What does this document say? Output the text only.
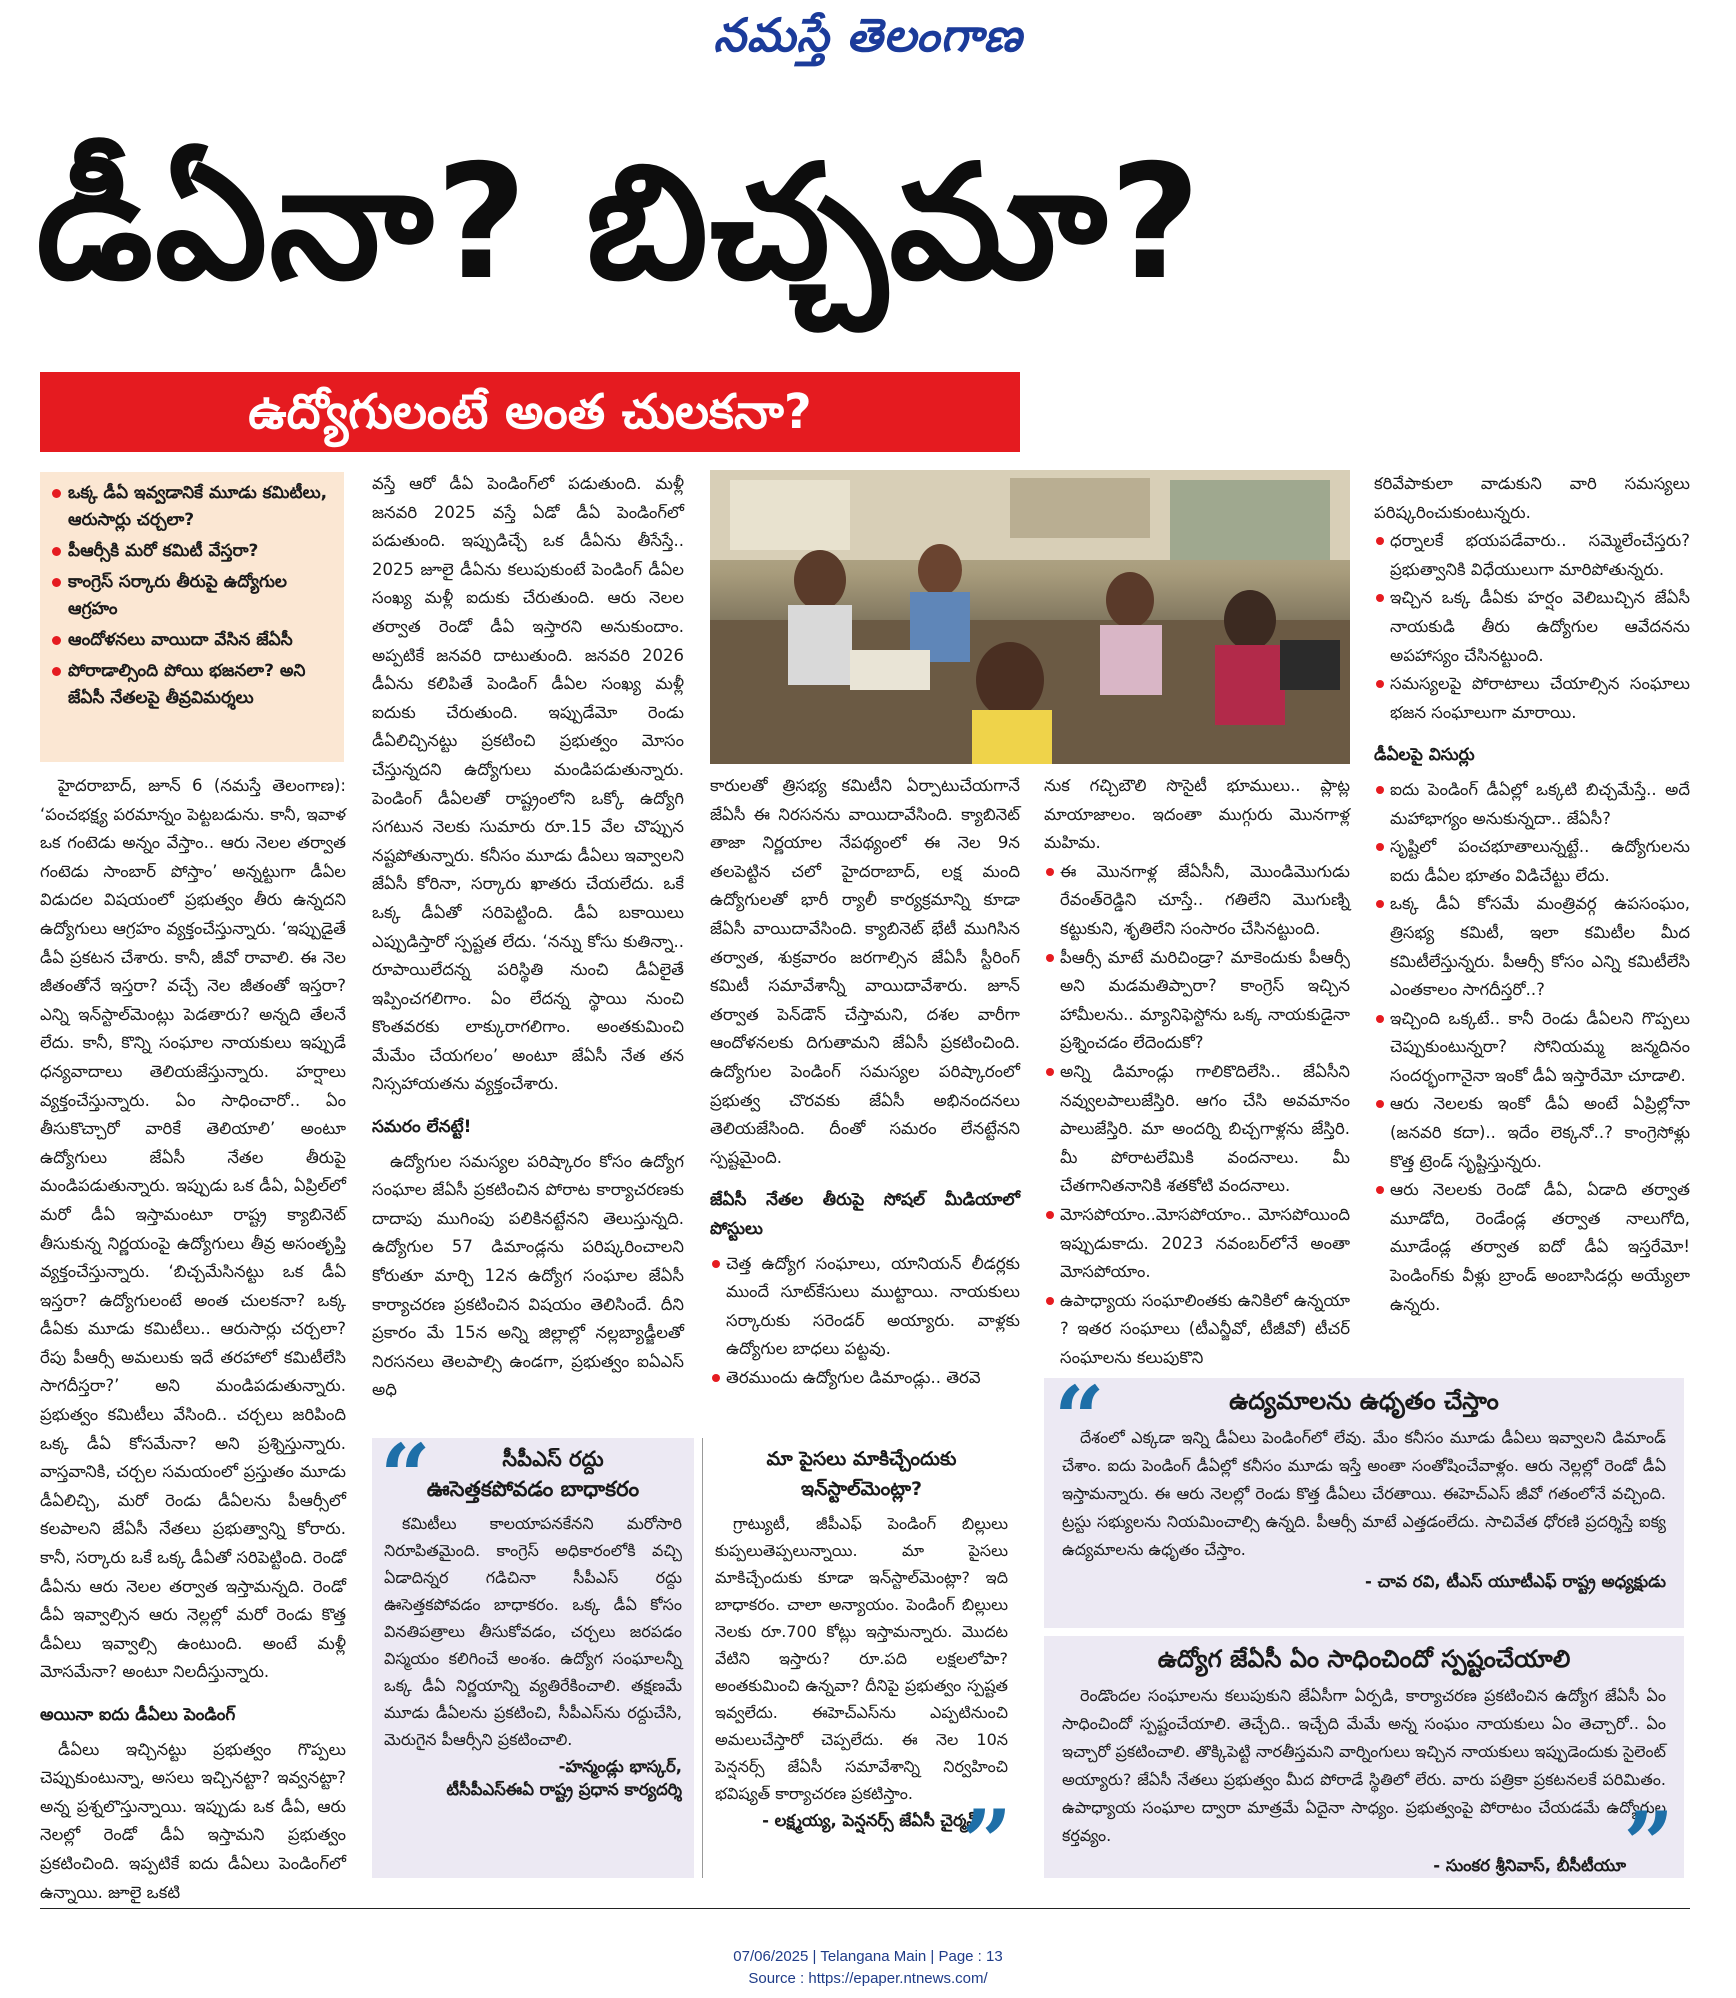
నమస్తే తెలంగాణ
డీఏనా? బిచ్చమా?
ఉద్యోగులంటే అంత చులకనా?
ఒక్క డీఏ ఇవ్వడానికే మూడు కమిటీలు, ఆరుసార్లు చర్చలా?
పీఆర్సీకి మరో కమిటీ వేస్తరా?
కాంగ్రెస్‌ సర్కారు తీరుపై ఉద్యోగుల ఆగ్రహం
ఆందోళనలు వాయిదా వేసిన జేఏసీ
పోరాడాల్సింది పోయి భజనలా? అని జేఏసీ నేతలపై తీవ్రవిమర్శలు

హైదరాబాద్‌, జూన్‌ 6 (నమస్తే తెలంగాణ): ‘పంచభక్ష్య పరమాన్నం పెట్టబడును. కానీ, ఇవాళ ఒక గంటెడు అన్నం వేస్తాం.. ఆరు నెలల తర్వాత గంటెడు సాంబార్‌ పోస్తాం’ అన్నట్టుగా డీఏల విడుదల విషయంలో ప్రభుత్వం తీరు ఉన్నదని ఉద్యోగులు ఆగ్రహం వ్యక్తంచేస్తున్నారు. ‘ఇప్పుడైతే డీఏ ప్రకటన చేశారు. కానీ, జీవో రావాలి. ఈ నెల జీతంతోనే ఇస్తరా? వచ్చే నెల జీతంతో ఇస్తరా? ఎన్ని ఇన్‌స్టాల్‌మెంట్లు పెడతారు? అన్నది తేలనే లేదు. కానీ, కొన్ని సంఘాల నాయకులు ఇప్పుడే ధన్యవాదాలు తెలియజేస్తున్నారు. హర్షాలు వ్యక్తంచేస్తున్నారు. ఏం సాధించారో.. ఏం తీసుకొచ్చారో వారికే తెలియాలి’ అంటూ ఉద్యోగులు జేఏసీ నేతల తీరుపై మండిపడుతున్నారు. ఇప్పుడు ఒక డీఏ, ఏప్రిల్‌లో మరో డీఏ ఇస్తామంటూ రాష్ట్ర క్యాబినెట్‌ తీసుకున్న నిర్ణయంపై ఉద్యోగులు తీవ్ర అసంతృప్తి వ్యక్తంచేస్తున్నారు. ‘బిచ్చమేసినట్టు ఒక డీఏ ఇస్తరా? ఉద్యోగులంటే అంత చులకనా? ఒక్క డీఏకు మూడు కమిటీలు.. ఆరుసార్లు చర్చలా? రేపు పీఆర్సీ అమలుకు ఇదే తరహాలో కమిటీలేసి సాగదీస్తరా?’ అని మండిపడుతున్నారు. ప్రభుత్వం కమిటీలు వేసింది.. చర్చలు జరిపింది ఒక్క డీఏ కోసమేనా? అని ప్రశ్నిస్తున్నారు. వాస్తవానికి, చర్చల సమయంలో ప్రస్తుతం మూడు డీఏలిచ్చి, మరో రెండు డీఏలను పీఆర్సీలో కలపాలని జేఏసీ నేతలు ప్రభుత్వాన్ని కోరారు. కానీ, సర్కారు ఒకే ఒక్క డీఏతో సరిపెట్టింది. రెండో డీఏను ఆరు నెలల తర్వాత ఇస్తామన్నది. రెండో డీఏ ఇవ్వాల్సిన ఆరు నెల్లల్లో మరో రెండు కొత్త డీఏలు ఇవ్వాల్సి ఉంటుంది. అంటే మళ్లీ మోసమేనా? అంటూ నిలదీస్తున్నారు.

అయినా ఐదు డీఏలు పెండింగ్‌

డీఏలు ఇచ్చినట్టు ప్రభుత్వం గొప్పలు చెప్పుకుంటున్నా, అసలు ఇచ్చినట్టా? ఇవ్వనట్టా? అన్న ప్రశ్నలొస్తున్నాయి. ఇప్పుడు ఒక డీఏ, ఆరు నెలల్లో రెండో డీఏ ఇస్తామని ప్రభుత్వం ప్రకటించింది. ఇప్పటికే ఐదు డీఏలు పెండింగ్‌లో ఉన్నాయి. జూలై ఒకటి

వస్తే ఆరో డీఏ పెండింగ్‌లో పడుతుంది. మళ్లీ జనవరి 2025 వస్తే ఏడో డీఏ పెండింగ్‌లో పడుతుంది. ఇప్పుడిచ్చే ఒక డీఏను తీసేస్తే.. 2025 జూలై డీఏను కలుపుకుంటే పెండింగ్‌ డీఏల సంఖ్య మళ్లీ ఐదుకు చేరుతుంది. ఆరు నెలల తర్వాత రెండో డీఏ ఇస్తారని అనుకుందాం. అప్పటికే జనవరి దాటుతుంది. జనవరి 2026 డీఏను కలిపితే పెండింగ్‌ డీఏల సంఖ్య మళ్లీ ఐదుకు చేరుతుంది. ఇప్పుడేమో రెండు డీఏలిచ్చినట్టు ప్రకటించి ప్రభుత్వం మోసం చేస్తున్నదని ఉద్యోగులు మండిపడుతున్నారు. పెండింగ్‌ డీఏలతో రాష్ట్రంలోని ఒక్కో ఉద్యోగి సగటున నెలకు సుమారు రూ.15 వేల చొప్పున నష్టపోతున్నారు. కనీసం మూడు డీఏలు ఇవ్వాలని జేఏసీ కోరినా, సర్కారు ఖాతరు చేయలేదు. ఒకే ఒక్క డీఏతో సరిపెట్టింది. డీఏ బకాయిలు ఎప్పుడిస్తారో స్పష్టత లేదు. ‘నన్ను కోసు కుతిన్నా.. రూపాయిలేదన్న పరిస్థితి నుంచి డీఏలైతే ఇప్పించగలిగాం. ఏం లేదన్న స్థాయి నుంచి కొంతవరకు లాక్కురాగలిగాం. అంతకుమించి మేమేం చేయగలం’ అంటూ జేఏసీ నేత తన నిస్సహాయతను వ్యక్తంచేశారు.

సమరం లేనట్టే!

ఉద్యోగుల సమస్యల పరిష్కారం కోసం ఉద్యోగ సంఘాల జేఏసీ ప్రకటించిన పోరాట కార్యాచరణకు దాదాపు ముగింపు పలికినట్టేనని తెలుస్తున్నది. ఉద్యోగుల 57 డిమాండ్లను పరిష్కరించాలని కోరుతూ మార్చి 12న ఉద్యోగ సంఘాల జేఏసీ కార్యాచరణ ప్రకటించిన విషయం తెలిసిందే. దీని ప్రకారం మే 15న అన్ని జిల్లాల్లో నల్లబ్యాడ్జీలతో నిరసనలు తెలపాల్సి ఉండగా, ప్రభుత్వం ఐఏఎస్‌ అధి

కారులతో త్రిసభ్య కమిటీని ఏర్పాటుచేయగానే జేఏసీ ఈ నిరసనను వాయిదావేసింది. క్యాబినెట్‌ తాజా నిర్ణయాల నేపథ్యంలో ఈ నెల 9న తలపెట్టిన చలో హైదరాబాద్‌, లక్ష మంది ఉద్యోగులతో భారీ ర్యాలీ కార్యక్రమాన్ని కూడా జేఏసీ వాయిదావేసింది. క్యాబినెట్‌ భేటీ ముగిసిన తర్వాత, శుక్రవారం జరగాల్సిన జేఏసీ స్టీరింగ్‌ కమిటీ సమావేశాన్నీ వాయిదావేశారు. జూన్‌ తర్వాత పెన్‌డౌన్‌ చేస్తామని, దశల వారీగా ఆందోళనలకు దిగుతామని జేఏసీ ప్రకటించింది. ఉద్యోగుల పెండింగ్‌ సమస్యల పరిష్కారంలో ప్రభుత్వ చొరవకు జేఏసీ అభినందనలు తెలియజేసింది. దీంతో సమరం లేనట్టేనని స్పష్టమైంది.

జేఏసీ నేతల తీరుపై సోషల్‌ మీడియాలో పోస్టులు

చెత్త ఉద్యోగ సంఘాలు, యానియన్‌ లీడర్లకు ముందే సూట్‌కేసులు ముట్టాయి. నాయకులు సర్కారుకు సరెండర్‌ అయ్యారు. వాళ్లకు ఉద్యోగుల బాధలు పట్టవు.

తెరముందు ఉద్యోగుల డిమాండ్లు.. తెరవె

నుక గచ్చిబౌలి సొసైటీ భూములు.. ప్లాట్ల మాయాజాలం. ఇదంతా ముగ్గురు మొనగాళ్ల మహిమ.

ఈ మొనగాళ్ల జేఏసీనీ, మొండిమొగుడు రేవంత్‌రెడ్డిని చూస్తే.. గతిలేని మొగుణ్ని కట్టుకుని, శృతిలేని సంసారం చేసినట్టుంది.

పీఆర్సీ మాటే మరిచిండ్రా? మాకెందుకు పీఆర్సీ అని మడమతిప్పారా? కాంగ్రెస్‌ ఇచ్చిన హామీలను.. మ్యానిఫెస్టోను ఒక్క నాయకుడైనా ప్రశ్నించడం లేదెందుకో?

అన్ని డిమాండ్లు గాలికొదిలేసి.. జేఏసీని నవ్వులపాలుజేస్తిరి. ఆగం చేసి అవమానం పాలుజేస్తిరి. మా అందర్ని బిచ్చగాళ్లను జేస్తిరి. మీ పోరాటలేమికి వందనాలు. మీ చేతగానితనానికి శతకోటి వందనాలు.

మోసపోయాం..మోసపోయాం.. మోసపోయింది ఇప్పుడుకాదు. 2023 నవంబర్‌లోనే అంతా మోసపోయాం.

ఉపాధ్యాయ సంఘాలింతకు ఉనికిలో ఉన్నయా ? ఇతర సంఘాలు (టీఎన్జీవో, టీజీవో) టీచర్‌ సంఘాలను కలుపుకొని

కరివేపాకులా వాడుకుని వారి సమస్యలు పరిష్కరించుకుంటున్నరు.

ధర్నాలకే భయపడేవారు.. సమ్మెలేంచేస్తరు? ప్రభుత్వానికి విధేయులుగా మారిపోతున్నరు.

ఇచ్చిన ఒక్క డీఏకు హర్షం వెలిబుచ్చిన జేఏసీ నాయకుడి తీరు ఉద్యోగుల ఆవేదనను అపహాస్యం చేసినట్టుంది.

సమస్యలపై పోరాటాలు చేయాల్సిన సంఘాలు భజన సంఘాలుగా మారాయి.

డీఏలపై విసుర్లు

ఐదు పెండింగ్‌ డీఏల్లో ఒక్కటి బిచ్చమేస్తే.. అదే మహాభాగ్యం అనుకున్నదా.. జేఏసీ?

సృష్టిలో పంచభూతాలున్నట్టే.. ఉద్యోగులను ఐదు డీఏల భూతం విడిచేట్టు లేదు.

ఒక్క డీఏ కోసమే మంత్రివర్గ ఉపసంఘం, త్రిసభ్య కమిటీ, ఇలా కమిటీల మీద కమిటీలేస్తున్నరు. పీఆర్సీ కోసం ఎన్ని కమిటీలేసి ఎంతకాలం సాగదీస్తరో..?

ఇచ్చింది ఒక్కటే.. కానీ రెండు డీఏలని గొప్పలు చెప్పుకుంటున్నరా? సోనియమ్మ జన్మదినం సందర్భంగానైనా ఇంకో డీఏ ఇస్తారేమో చూడాలి.

ఆరు నెలలకు ఇంకో డీఏ అంటే ఏప్రిల్లోనా (జనవరి కదా).. ఇదేం లెక్కనో..? కాంగ్రెసోళ్లు కొత్త ట్రెండ్‌ సృష్టిస్తున్నరు.

ఆరు నెలలకు రెండో డీఏ, ఏడాది తర్వాత మూడోది, రెండేండ్ల తర్వాత నాలుగోది, మూడేండ్ల తర్వాత ఐదో డీఏ ఇస్తరేమో! పెండింగ్‌కు వీళ్లు బ్రాండ్‌ అంబాసిడర్లు అయ్యేలా ఉన్నరు.

“	సీపీఎస్‌ రద్దు
ఊసెత్తకపోవడం బాధాకరం

కమిటీలు కాలయాపనకేనని మరోసారి నిరూపితమైంది. కాంగ్రెస్‌ అధికారంలోకి వచ్చి ఏడాదిన్నర గడిచినా సీపీఎస్‌ రద్దు ఊసెత్తకపోవడం బాధాకరం. ఒక్క డీఏ కోసం వినతిపత్రాలు తీసుకోవడం, చర్చలు జరపడం విస్మయం కలిగించే అంశం. ఉద్యోగ సంఘాలన్నీ ఒక్క డీఏ నిర్ణయాన్ని వ్యతిరేకించాలి. తక్షణమే మూడు డీఏలను ప్రకటించి, సీపీఎస్‌ను రద్దుచేసి, మెరుగైన పీఆర్సీని ప్రకటించాలి.

-హన్మండ్లు భాస్కర్‌,
టీసీపీఎస్‌ఈఏ రాష్ట్ర ప్రధాన కార్యదర్శి
మా పైసలు మాకిచ్చేందుకు
ఇన్‌స్టాల్‌మెంట్లా?

గ్రాట్యుటీ, జీపీఎఫ్‌ పెండింగ్‌ బిల్లులు కుప్పలుతెప్పలున్నాయి. మా పైసలు మాకిచ్చేందుకు కూడా ఇన్‌స్టాల్‌మెంట్లా? ఇది బాధాకరం. చాలా అన్యాయం. పెండింగ్‌ బిల్లులు నెలకు రూ.700 కోట్లు ఇస్తామన్నారు. మొదట వేటిని ఇస్తారు? రూ.పది లక్షలలోపా? అంతకుమించి ఉన్నవా? దీనిపై ప్రభుత్వం స్పష్టత ఇవ్వలేదు. ఈహెచ్‌ఎస్‌ను ఎప్పటినుంచి అమలుచేస్తారో చెప్పలేదు. ఈ నెల 10న పెన్షనర్స్‌ జేఏసీ సమావేశాన్ని నిర్వహించి భవిష్యత్‌ కార్యాచరణ ప్రకటిస్తాం.

- లక్ష్మయ్య, పెన్షనర్స్‌ జేఏసీ చైర్మన్‌
”
“	ఉద్యమాలను ఉధృతం చేస్తాం

దేశంలో ఎక్కడా ఇన్ని డీఏలు పెండింగ్‌లో లేవు. మేం కనీసం మూడు డీఏలు ఇవ్వాలని డిమాండ్‌ చేశాం. ఐదు పెండింగ్‌ డీఏల్లో కనీసం మూడు ఇస్తే అంతా సంతోషించేవాళ్లం. ఆరు నెల్లల్లో రెండో డీఏ ఇస్తామన్నారు. ఈ ఆరు నెలల్లో రెండు కొత్త డీఏలు చేరతాయి. ఈహెచ్‌ఎస్‌ జీవో గతంలోనే వచ్చింది. ట్రస్టు సభ్యులను నియమించాల్సి ఉన్నది. పీఆర్సీ మాటే ఎత్తడంలేదు. సాచివేత ధోరణి ప్రదర్శిస్తే ఐక్య ఉద్యమాలను ఉధృతం చేస్తాం.

- చావ రవి, టీఎస్‌ యూటీఎఫ్‌ రాష్ట్ర అధ్యక్షుడు
ఉద్యోగ జేఏసీ ఏం సాధించిందో స్పష్టంచేయాలి

రెండొందల సంఘాలను కలుపుకుని జేఏసీగా ఏర్పడి, కార్యాచరణ ప్రకటించిన ఉద్యోగ జేఏసీ ఏం సాధించిందో స్పష్టంచేయాలి. తెచ్చేది.. ఇచ్చేది మేమే అన్న సంఘం నాయకులు ఏం తెచ్చారో.. ఏం ఇచ్చారో ప్రకటించాలి. తొక్కిపెట్టి నారతీస్తమని వార్నింగులు ఇచ్చిన నాయకులు ఇప్పుడెందుకు సైలెంట్‌ అయ్యారు? జేఏసీ నేతలు ప్రభుత్వం మీద పోరాడే స్థితిలో లేరు. వారు పత్రికా ప్రకటనలకే పరిమితం. ఉపాధ్యాయ సంఘాల ద్వారా మాత్రమే ఏదైనా సాధ్యం. ప్రభుత్వంపై పోరాటం చేయడమే ఉద్యోగుల కర్తవ్యం.

- సుంకర శ్రీనివాస్‌, బీసీటీయూ
”
07/06/2025 | Telangana Main | Page : 13
Source : https://epaper.ntnews.com/
